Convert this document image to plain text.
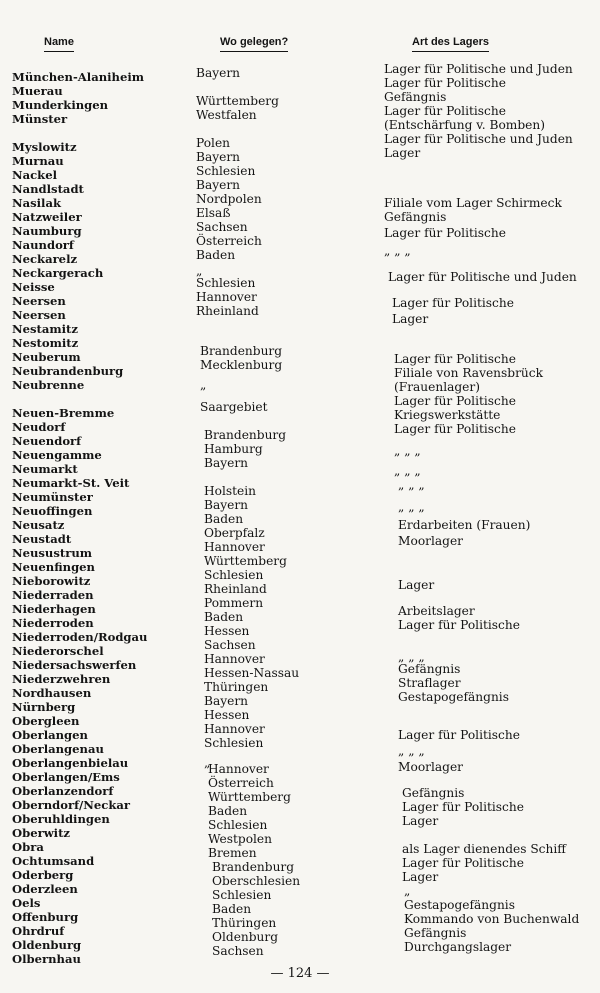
Name	Wo gelegen?	Art des Lagers
München-Alaniheim
Muerau
Munderkingen
Münster
Myslowitz
Murnau
Nackel
Nandlstadt
Nasilak
Natzweiler
Naumburg
Naundorf
Neckarelz
Neckargerach
Neisse
Neersen
Neersen
Nestamitz
Nestomitz
Neuberum
Neubrandenburg
Neubrenne
Neuen-Bremme
Neudorf
Neuendorf
Neuengamme
Neumarkt
Neumarkt-St. Veit
Neumünster
Neuoffingen
Neusatz
Neustadt
Neusustrum
Neuenfingen
Nieborowitz
Niederraden
Niederhagen
Niederroden
Niederroden/Rodgau
Niederorschel
Niedersachswerfen
Niederzwehren
Nordhausen
Nürnberg
Obergleen
Oberlangen
Oberlangenau
Oberlangenbielau
Oberlangen/Ems
Oberlanzendorf
Oberndorf/Neckar
Oberuhldingen
Oberwitz
Obra
Ochtumsand
Oderberg
Oderzleen
Oels
Offenburg
Ohrdruf
Oldenburg
Olbernhau
Bayern
Württemberg
Westfalen
Polen
Bayern
Schlesien
Bayern
Nordpolen
Elsaß
Sachsen
Österreich
Baden
„
Schlesien
Hannover
Rheinland
Brandenburg
Mecklenburg
„
Saargebiet
Brandenburg
Hamburg
Bayern
Holstein
Bayern
Baden
Oberpfalz
Hannover
Württemberg
Schlesien
Rheinland
Pommern
Baden
Hessen
Sachsen
Hannover
Hessen-Nassau
Thüringen
Bayern
Hessen
Hannover
Schlesien
„
Hannover
Österreich
Württemberg
Baden
Schlesien
Westpolen
Bremen
Brandenburg
Oberschlesien
Schlesien
Baden
Thüringen
Oldenburg
Sachsen
Lager für Politische und Juden
Lager für Politische
Gefängnis
Lager für Politische
(Entschärfung v. Bomben)
Lager für Politische und Juden
Lager
Filiale vom Lager Schirmeck
Gefängnis
Lager für Politische
„ „ „
Lager für Politische und Juden
Lager für Politische
Lager
Lager für Politische
Filiale von Ravensbrück
(Frauenlager)
Lager für Politische
Kriegswerkstätte
Lager für Politische
„ „ „
„ „ „
„ „ „
„ „ „
Erdarbeiten (Frauen)
Moorlager
Lager
Arbeitslager
Lager für Politische
„ „ „
Gefängnis
Straflager
Gestapogefängnis
Lager für Politische
„ „ „
Moorlager
Gefängnis
Lager für Politische
Lager
als Lager dienendes Schiff
Lager für Politische
Lager
„
Gestapogefängnis
Kommando von Buchenwald
Gefängnis
Durchgangslager
— 124 —
